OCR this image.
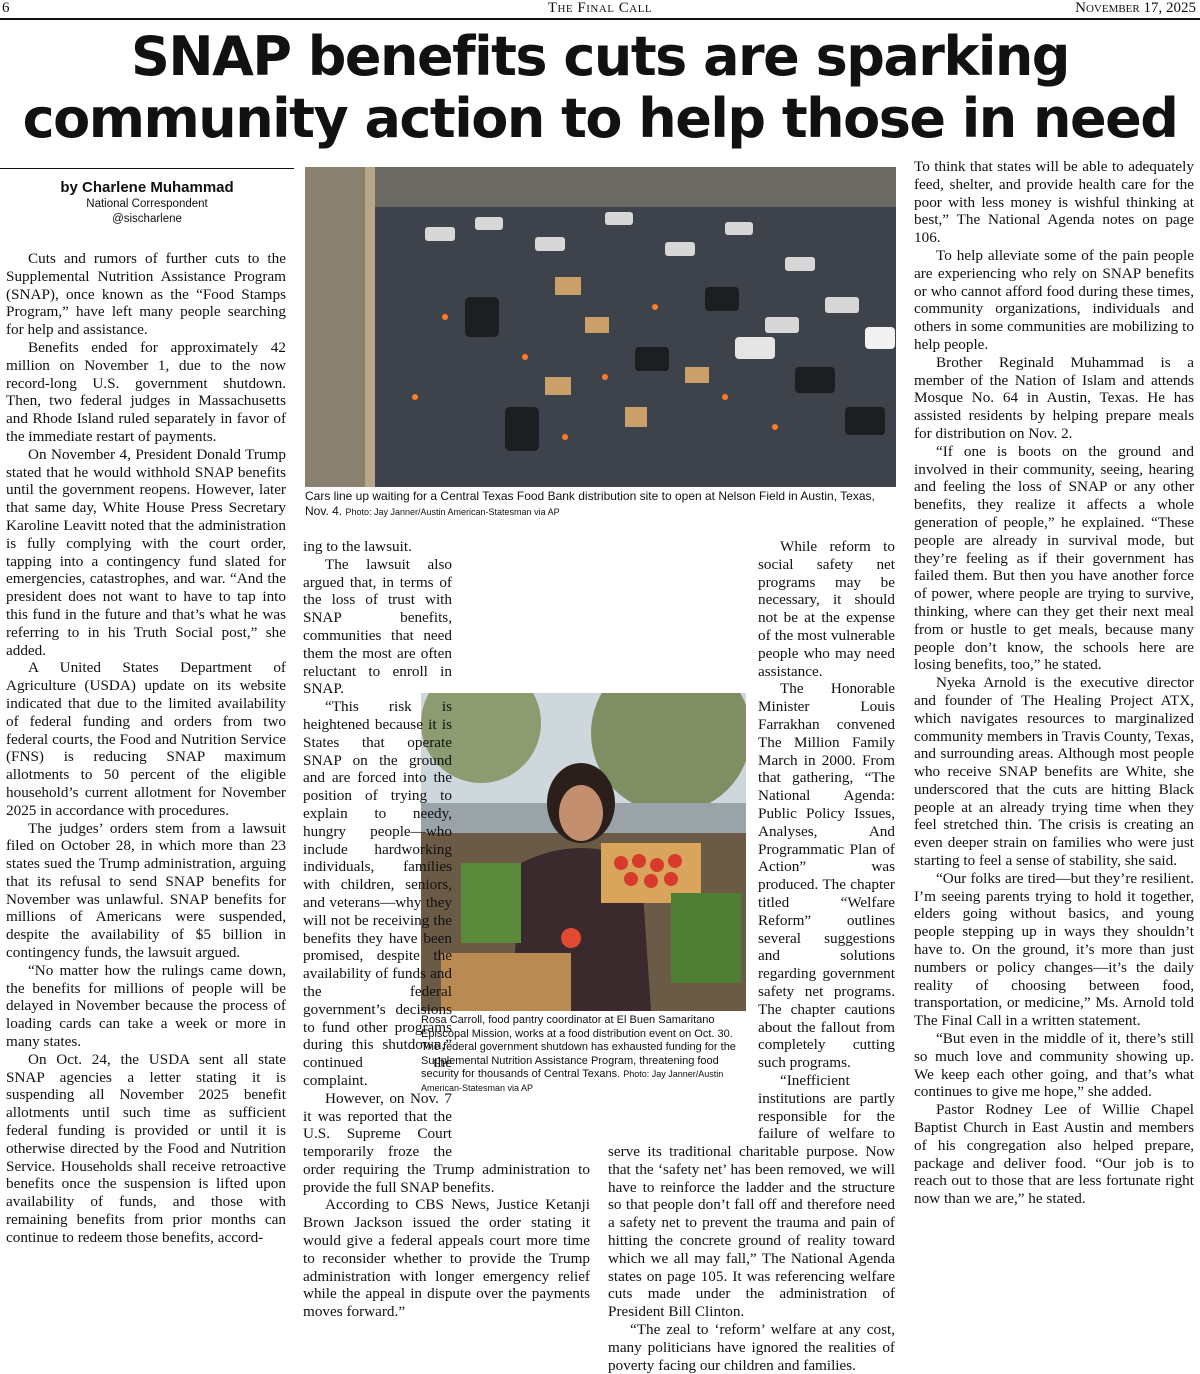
6	The Final Call	November 17, 2025
SNAP benefits cuts are sparking
community action to help those in need
by Charlene Muhammad
National Correspondent
@sischarlene
Cars line up waiting for a Central Texas Food Bank distribution site to open at Nelson Field in Austin, Texas, Nov. 4. Photo: Jay Janner/Austin American-Statesman via AP
Rosa Carroll, food pantry coordinator at El Buen Samaritano Episcopal Mission, works at a food distribution event on Oct. 30. The federal government shutdown has exhausted funding for the Supplemental Nutrition Assistance Program, threatening food security for thousands of Central Texans. Photo: Jay Janner/Austin American-Statesman via AP

Cuts and rumors of further cuts to the Supplemental Nutrition Assistance Program (SNAP), once known as the “Food Stamps Program,” have left many people searching for help and assistance.

Benefits ended for approximately 42 million on November 1, due to the now record-long U.S. government shutdown. Then, two federal judges in Massachusetts and Rhode Island ruled separately in favor of the immediate restart of payments.

On November 4, President Donald Trump stated that he would withhold SNAP benefits until the government reopens. However, later that same day, White House Press Secretary Karoline Leavitt noted that the administration is fully complying with the court order, tapping into a contingency fund slated for emergencies, catastrophes, and war. “And the president does not want to have to tap into this fund in the future and that’s what he was referring to in his Truth Social post,” she added.

A United States Department of Agriculture (USDA) update on its website indicated that due to the limited availability of federal funding and orders from two federal courts, the Food and Nutrition Service (FNS) is reducing SNAP maximum allotments to 50 percent of the eligible household’s current allotment for November 2025 in accordance with procedures.

The judges’ orders stem from a lawsuit filed on October 28, in which more than 23 states sued the Trump administration, arguing that its refusal to send SNAP benefits for November was unlawful. SNAP benefits for millions of Americans were suspended, despite the availability of $5 billion in contingency funds, the lawsuit argued.

“No matter how the rulings came down, the benefits for millions of people will be delayed in November because the process of loading cards can take a week or more in many states.

On Oct. 24, the USDA sent all state SNAP agencies a letter stating it is suspending all November 2025 benefit allotments until such time as sufficient federal funding is provided or until it is otherwise directed by the Food and Nutrition Service. Households shall receive retroactive benefits once the suspension is lifted upon availability of funds, and those with remaining benefits from prior months can continue to redeem those benefits, accord-

ing to the lawsuit.

The lawsuit also argued that, in terms of the loss of trust with SNAP benefits, communities that need them the most are often reluctant to enroll in SNAP.

“This risk is heightened because it is States that operate SNAP on the ground and are forced into the position of trying to explain to needy, hungry people—who include hardworking individuals, families with children, seniors, and veterans—why they will not be receiving the benefits they have been promised, despite the availability of funds and the federal government’s decisions to fund other programs during this shutdown,” continued the complaint.

However, on Nov. 7 it was reported that the U.S. Supreme Court temporarily froze the order requiring the Trump administration to provide the full SNAP benefits.

According to CBS News, Justice Ketanji Brown Jackson issued the order stating it would give a federal appeals court more time to reconsider whether to provide the Trump administration with longer emergency relief while the appeal in dispute over the payments moves forward.”

While reform to social safety net programs may be necessary, it should not be at the expense of the most vulnerable people who may need assistance.

The Honorable Minister Louis Farrakhan convened The Million Family March in 2000. From that gathering, “The National Agenda: Public Policy Issues, Analyses, And Programmatic Plan of Action” was produced. The chapter titled “Welfare Reform” outlines several suggestions and solutions regarding government safety net programs. The chapter cautions about the fallout from completely cutting such programs.

“Inefficient institutions are partly responsible for the failure of welfare to serve its traditional charitable purpose. Now that the ‘safety net’ has been removed, we will have to reinforce the ladder and the structure so that people don’t fall off and therefore need a safety net to prevent the trauma and pain of hitting the concrete ground of reality toward which we all may fall,” The National Agenda states on page 105. It was referencing welfare cuts made under the administration of President Bill Clinton.

“The zeal to ‘reform’ welfare at any cost, many politicians have ignored the realities of poverty facing our children and families.

To think that states will be able to adequately feed, shelter, and provide health care for the poor with less money is wishful thinking at best,” The National Agenda notes on page 106.

To help alleviate some of the pain people are experiencing who rely on SNAP benefits or who cannot afford food during these times, community organizations, individuals and others in some communities are mobilizing to help people.

Brother Reginald Muhammad is a member of the Nation of Islam and attends Mosque No. 64 in Austin, Texas. He has assisted residents by helping prepare meals for distribution on Nov. 2.

“If one is boots on the ground and involved in their community, seeing, hearing and feeling the loss of SNAP or any other benefits, they realize it affects a whole generation of people,” he explained. “These people are already in survival mode, but they’re feeling as if their government has failed them. But then you have another force of power, where people are trying to survive, thinking, where can they get their next meal from or hustle to get meals, because many people don’t know, the schools here are losing benefits, too,” he stated.

Nyeka Arnold is the executive director and founder of The Healing Project ATX, which navigates resources to marginalized community members in Travis County, Texas, and surrounding areas. Although most people who receive SNAP benefits are White, she underscored that the cuts are hitting Black people at an already trying time when they feel stretched thin. The crisis is creating an even deeper strain on families who were just starting to feel a sense of stability, she said.

“Our folks are tired—but they’re resilient. I’m seeing parents trying to hold it together, elders going without basics, and young people stepping up in ways they shouldn’t have to. On the ground, it’s more than just numbers or policy changes—it’s the daily reality of choosing between food, transportation, or medicine,” Ms. Arnold told The Final Call in a written statement.

“But even in the middle of it, there’s still so much love and community showing up. We keep each other going, and that’s what continues to give me hope,” she added.

Pastor Rodney Lee of Willie Chapel Baptist Church in East Austin and members of his congregation also helped prepare, package and deliver food. “Our job is to reach out to those that are less fortunate right now than we are,” he stated.
